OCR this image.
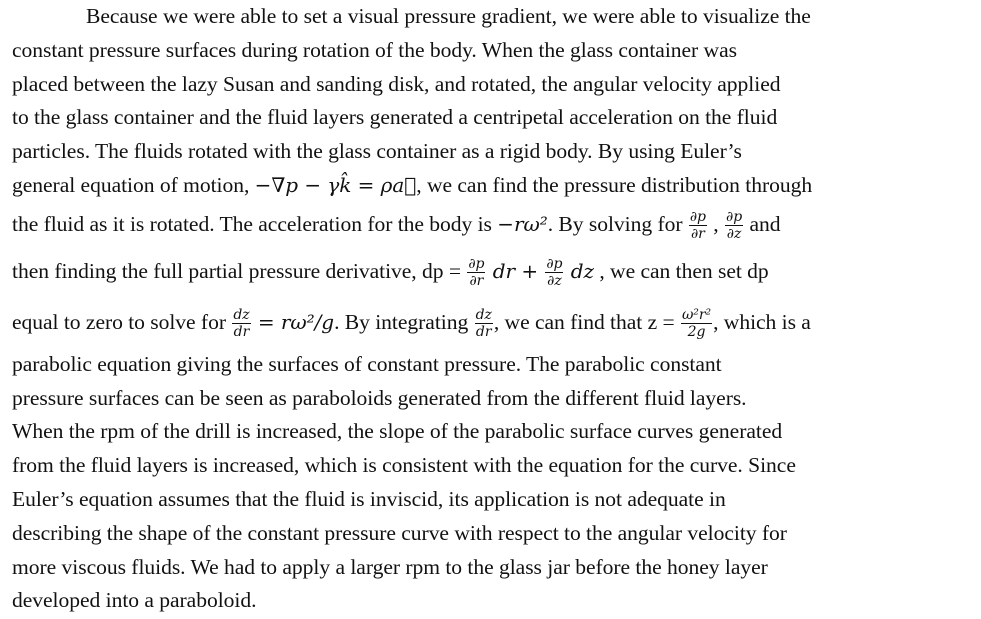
Because we were able to set a visual pressure gradient, we were able to visualize the
constant pressure surfaces during rotation of the body. When the glass container was
placed between the lazy Susan and sanding disk, and rotated, the angular velocity applied
to the glass container and the fluid layers generated a centripetal acceleration on the fluid
particles. The fluids rotated with the glass container as a rigid body. By using Euler’s
general equation of motion, −∇p − γk̂ = ρa⃗, we can find the pressure distribution through
the fluid as it is rotated. The acceleration for the body is −rω². By solving for $\frac{\partial p}{\partial r}$ , $\frac{\partial p}{\partial z}$ and
then finding the full partial pressure derivative, dp = $\frac{\partial p}{\partial r}$ dr + $\frac{\partial p}{\partial z}$ dz , we can then set dp
equal to zero to solve for $\frac{dz}{dr} = r\omega^2/g$. By integrating $\frac{dz}{dr}$ , we can find that $z = \frac{\text{ω²r²}}{2g}$ , which is a
parabolic equation giving the surfaces of constant pressure. The parabolic constant
pressure surfaces can be seen as paraboloids generated from the different fluid layers.
When the rpm of the drill is increased, the slope of the parabolic surface curves generated
from the fluid layers is increased, which is consistent with the equation for the curve. Since
Euler’s equation assumes that the fluid is inviscid, its application is not adequate in
describing the shape of the constant pressure curve with respect to the angular velocity for
more viscous fluids. We had to apply a larger rpm to the glass jar before the honey layer
developed into a paraboloid.
